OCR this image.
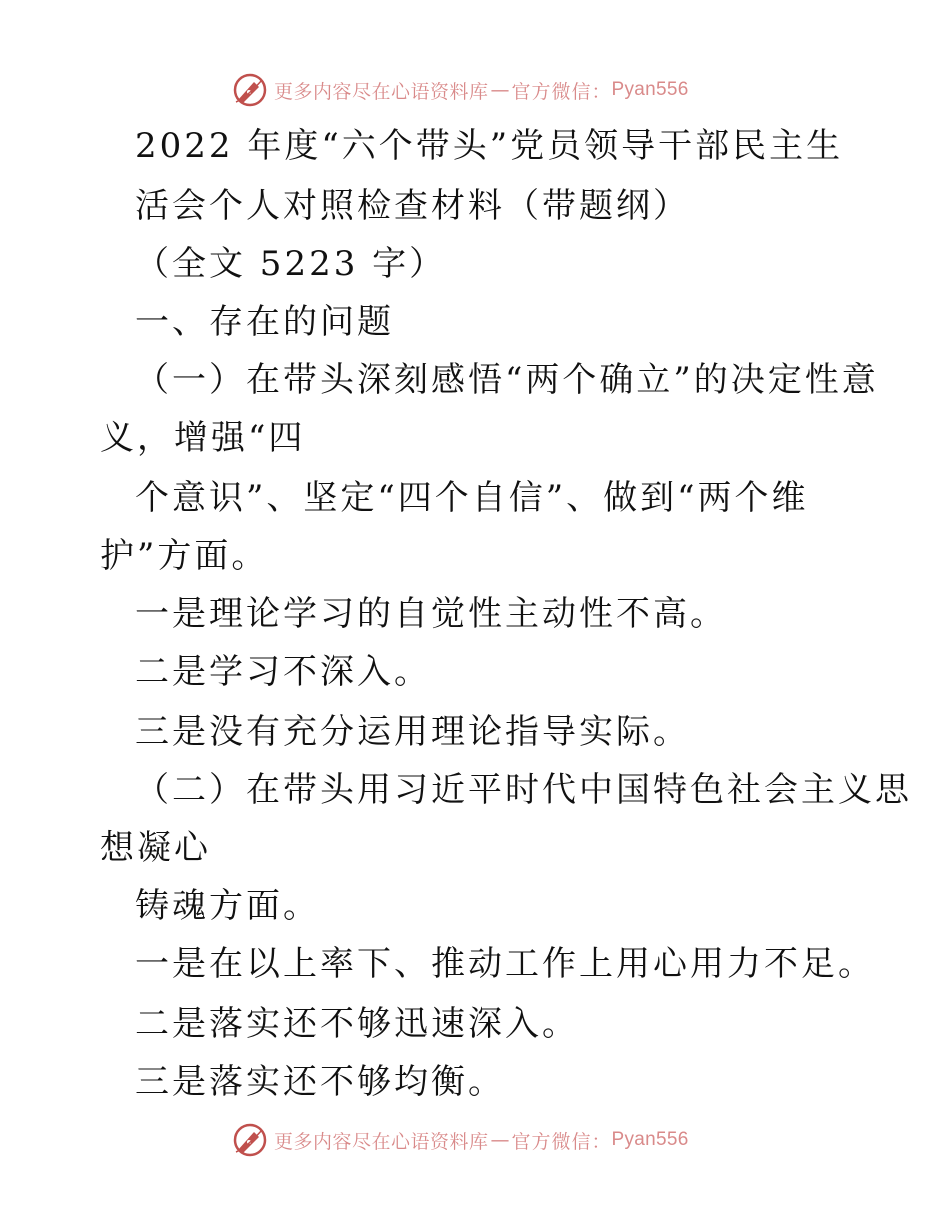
更多内容尽在心语资料库 — 官方微信： Pyan556
2022 年度“六个带头”党员领导干部民主生
活会个人对照检查材料（带题纲）
（全文 5223 字）
一、存在的问题
（一）在带头深刻感悟“两个确立”的决定性意
义，增强“四
个意识”、坚定“四个自信”、做到“两个维
护”方面。
一是理论学习的自觉性主动性不高。
二是学习不深入。
三是没有充分运用理论指导实际。
（二）在带头用习近平时代中国特色社会主义思
想凝心
铸魂方面。
一是在以上率下、推动工作上用心用力不足。
二是落实还不够迅速深入。
三是落实还不够均衡。
更多内容尽在心语资料库 — 官方微信： Pyan556
